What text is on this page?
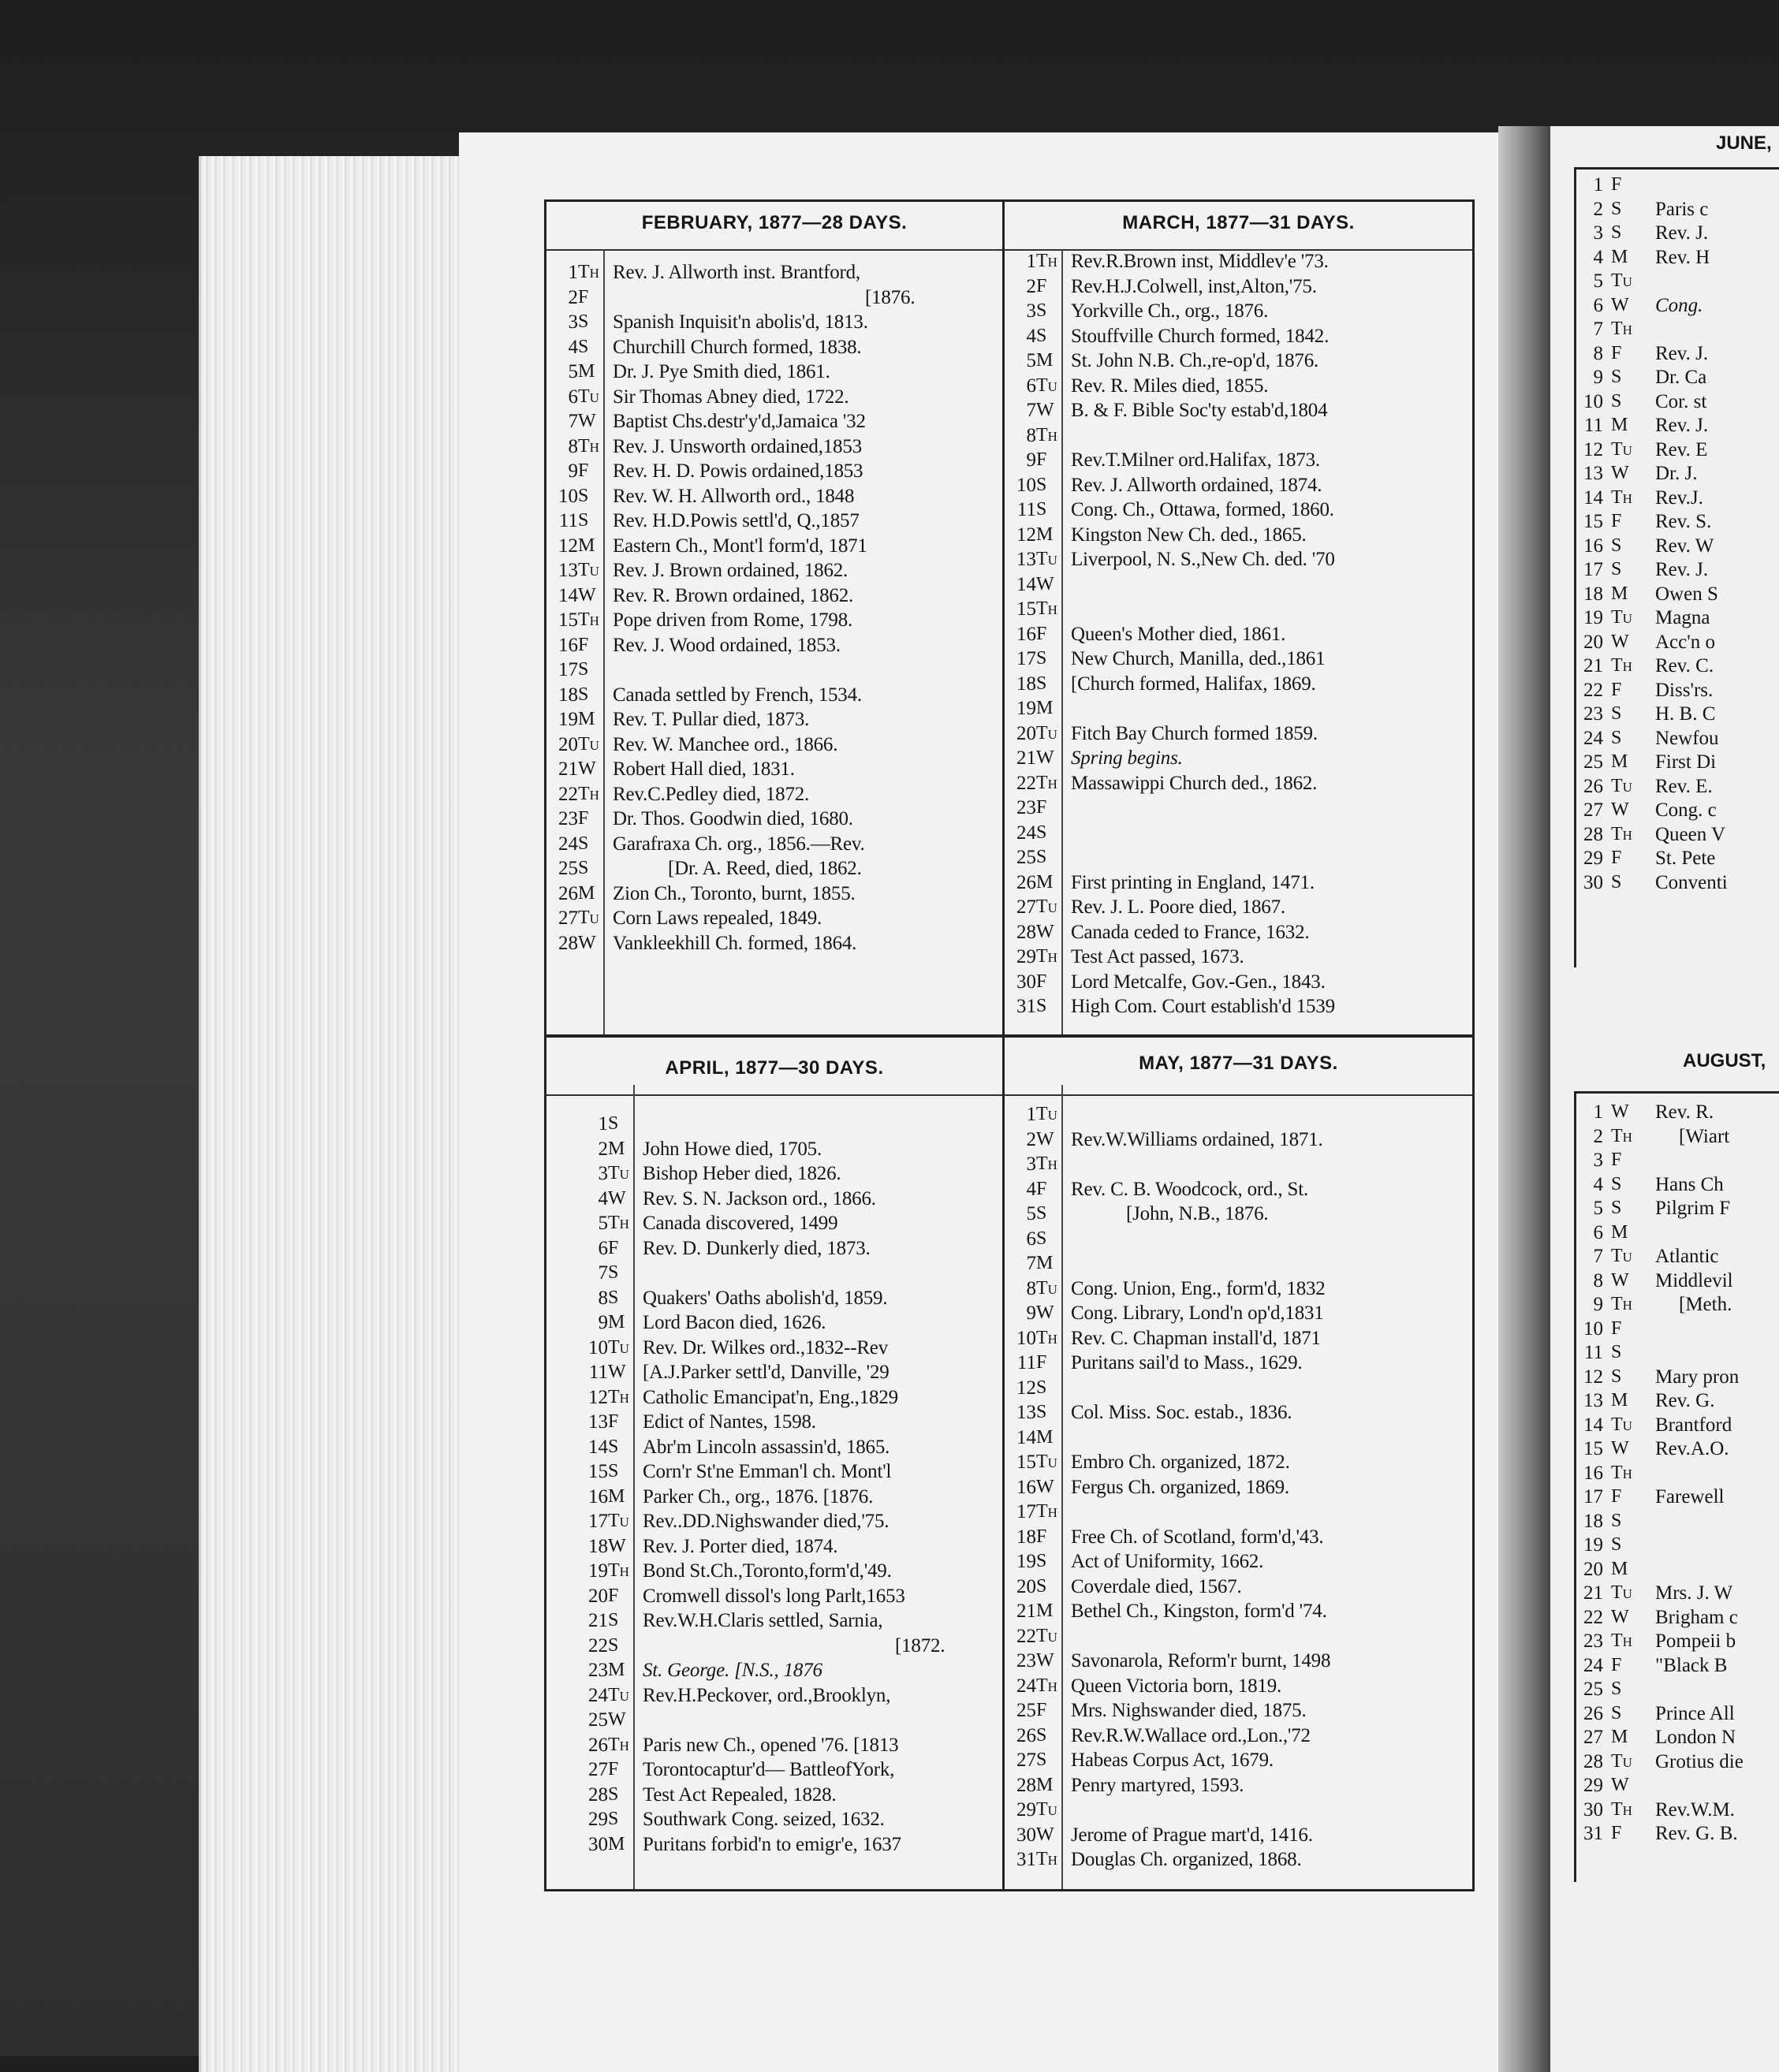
FEBRUARY, 1877—28 DAYS.
1 Th Rev. J. Allworth inst. Brantford,
2 F	[1876.
3 S Spanish Inquisit'n abolis'd, 1813.
4 S Churchill Church formed, 1838.
5 M Dr. J. Pye Smith died, 1861.
6 Tu Sir Thomas Abney died, 1722.
7 W Baptist Chs.destr'y'd,Jamaica '32
8 Th Rev. J. Unsworth ordained,1853
9 F Rev. H. D. Powis ordained,1853
10 S Rev. W. H. Allworth ord., 1848
11 S Rev. H.D.Powis settl'd, Q.,1857
12 M Eastern Ch., Mont'l form'd, 1871
13 Tu Rev. J. Brown ordained, 1862.
14 W Rev. R. Brown ordained, 1862.
15 Th Pope driven from Rome, 1798.
16 F Rev. J. Wood ordained, 1853.
17 S
18 S Canada settled by French, 1534.
19 M Rev. T. Pullar died, 1873.
20 Tu Rev. W. Manchee ord., 1866.
21 W Robert Hall died, 1831.
22 Th Rev.C.Pedley died, 1872.
23 F Dr. Thos. Goodwin died, 1680.
24 S Garafraxa Ch. org., 1856.—Rev.
25 S	[Dr. A. Reed, died, 1862.
26 M Zion Ch., Toronto, burnt, 1855.
27 Tu Corn Laws repealed, 1849.
28 W Vankleekhill Ch. formed, 1864.
MARCH, 1877—31 DAYS.
1 Th Rev.R.Brown inst, Middlev'e '73.
2 F Rev.H.J.Colwell, inst,Alton,'75.
3 S Yorkville Ch., org., 1876.
4 S Stouffville Church formed, 1842.
5 M St. John N.B. Ch.,re-op'd, 1876.
6 Tu Rev. R. Miles died, 1855.
7 W B. & F. Bible Soc'ty estab'd,1804
8 Th
9 F Rev.T.Milner ord.Halifax, 1873.
10 S Rev. J. Allworth ordained, 1874.
11 S Cong. Ch., Ottawa, formed, 1860.
12 M Kingston New Ch. ded., 1865.
13 Tu Liverpool, N. S.,New Ch. ded. '70
14 W
15 Th
16 F Queen's Mother died, 1861.
17 S New Church, Manilla, ded.,1861
18 S [Church formed, Halifax, 1869.
19 M
20 Tu Fitch Bay Church formed 1859.
21 W Spring begins.
22 Th Massawippi Church ded., 1862.
23 F
24 S
25 S
26 M First printing in England, 1471.
27 Tu Rev. J. L. Poore died, 1867.
28 W Canada ceded to France, 1632.
29 Th Test Act passed, 1673.
30 F Lord Metcalfe, Gov.-Gen., 1843.
31 S High Com. Court establish'd 1539
APRIL, 1877—30 DAYS.
1 S
2 M John Howe died, 1705.
3 Tu Bishop Heber died, 1826.
4 W Rev. S. N. Jackson ord., 1866.
5 Th Canada discovered, 1499
6 F Rev. D. Dunkerly died, 1873.
7 S
8 S Quakers' Oaths abolish'd, 1859.
9 M Lord Bacon died, 1626.
10 Tu Rev. Dr. Wilkes ord.,1832--Rev
11 W [A.J.Parker settl'd, Danville, '29
12 Th Catholic Emancipat'n, Eng.,1829
13 F Edict of Nantes, 1598.
14 S Abr'm Lincoln assassin'd, 1865.
15 S Corn'r St'ne Emman'l ch. Mont'l
16 M Parker Ch., org., 1876. [1876.
17 Tu Rev..DD.Nighswander died,'75.
18 W Rev. J. Porter died, 1874.
19 Th Bond St.Ch.,Toronto,form'd,'49.
20 F Cromwell dissol's long Parlt,1653
21 S Rev.W.H.Claris settled, Sarnia,
22 S	[1872.
23 M St. George. [N.S., 1876
24 Tu Rev.H.Peckover, ord.,Brooklyn,
25 W
26 Th Paris new Ch., opened '76. [1813
27 F Torontocaptur'd— BattleofYork,
28 S Test Act Repealed, 1828.
29 S Southwark Cong. seized, 1632.
30 M Puritans forbid'n to emigr'e, 1637
MAY, 1877—31 DAYS.
1 Tu
2 W Rev.W.Williams ordained, 1871.
3 Th
4 F Rev. C. B. Woodcock, ord., St.
5 S	[John, N.B., 1876.
6 S
7 M
8 Tu Cong. Union, Eng., form'd, 1832
9 W Cong. Library, Lond'n op'd,1831
10 Th Rev. C. Chapman install'd, 1871
11 F Puritans sail'd to Mass., 1629.
12 S
13 S Col. Miss. Soc. estab., 1836.
14 M
15 Tu Embro Ch. organized, 1872.
16 W Fergus Ch. organized, 1869.
17 Th
18 F Free Ch. of Scotland, form'd,'43.
19 S Act of Uniformity, 1662.
20 S Coverdale died, 1567.
21 M Bethel Ch., Kingston, form'd '74.
22 Tu
23 W Savonarola, Reform'r burnt, 1498
24 Th Queen Victoria born, 1819.
25 F Mrs. Nighswander died, 1875.
26 S Rev.R.W.Wallace ord.,Lon.,'72
27 S Habeas Corpus Act, 1679.
28 M Penry martyred, 1593.
29 Tu
30 W Jerome of Prague mart'd, 1416.
31 Th Douglas Ch. organized, 1868.
JUNE,
1 F
2 S Paris c
3 S Rev. J.
4 M Rev. H
5 Tu
6 W Cong.
7 Th
8 F Rev. J.
9 S Dr. Ca
10 S Cor. st
11 M Rev. J.
12 Tu Rev. E
13 W Dr. J.
14 Th Rev.J.
15 F Rev. S.
16 S Rev. W
17 S Rev. J.
18 M Owen S
19 Tu Magna
20 W Acc'n o
21 Th Rev. C.
22 F Diss'rs.
23 S H. B. C
24 S Newfou
25 M First Di
26 Tu Rev. E.
27 W Cong. c
28 Th Queen V
29 F St. Pete
30 S Conventi
AUGUST,
1 W Rev. R.
2 Th [Wiart
3 F
4 S Hans Ch
5 S Pilgrim F
6 M
7 Tu Atlantic
8 W Middlevil
9 Th [Meth.
10 F
11 S
12 S Mary pron
13 M Rev. G.
14 Tu Brantford
15 W Rev.A.O.
16 Th
17 F Farewell
18 S
19 S
20 M
21 Tu Mrs. J. W
22 W Brigham c
23 Th Pompeii b
24 F "Black B
25 S
26 S Prince All
27 M London N
28 Tu Grotius die
29 W
30 Th Rev.W.M.
31 F Rev. G. B.
